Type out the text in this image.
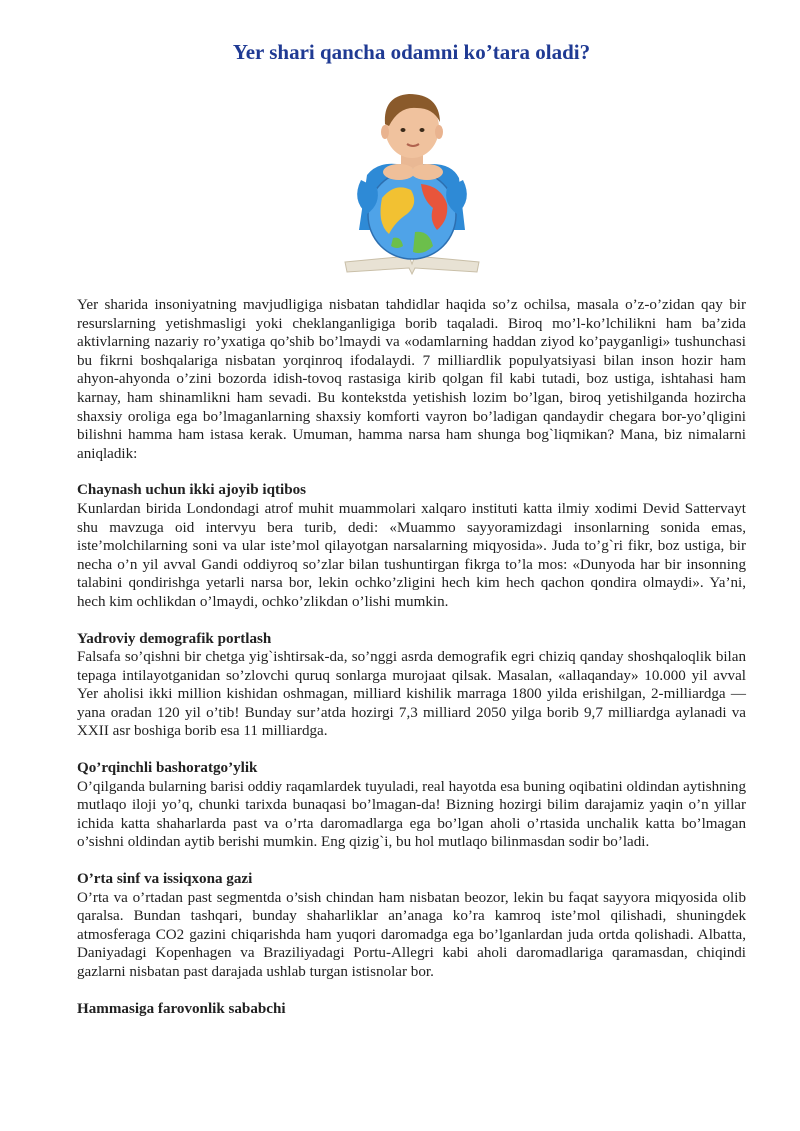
Yer shari qancha odamni ko’tara oladi?

Yer sharida insoniyatning mavjudligiga nisbatan tahdidlar haqida so’z ochilsa, masala o’z-o’zidan qay bir resurslarning yetishmasligi yoki cheklanganligiga borib taqaladi. Biroq mo’l-ko’lchilikni ham ba’zida aktivlarning nazariy ro’yxatiga qo’shib bo’lmaydi va «odamlarning haddan ziyod ko’payganligi» tushunchasi bu fikrni boshqalariga nisbatan yorqinroq ifodalaydi. 7 milliardlik populyatsiyasi bilan inson hozir ham ahyon-ahyonda o’zini bozorda idish-tovoq rastasiga kirib qolgan fil kabi tutadi, boz ustiga, ishtahasi ham karnay, ham shinamlikni ham sevadi. Bu kontekstda yetishish lozim bo’lgan, biroq yetishilganda hozircha shaxsiy oroliga ega bo’lmaganlarning shaxsiy komforti vayron bo’ladigan qandaydir chegara bor-yo’qligini bilishni hamma ham istasa kerak. Umuman, hamma narsa ham shunga bog`liqmikan? Mana, biz nimalarni aniqladik:

Chaynash uchun ikki ajoyib iqtibos

Kunlardan birida Londondagi atrof muhit muammolari xalqaro instituti katta ilmiy xodimi Devid Sattervayt shu mavzuga oid intervyu bera turib, dedi: «Muammo sayyoramizdagi insonlarning sonida emas, iste’molchilarning soni va ular iste’mol qilayotgan narsalarning miqyosida». Juda to’g`ri fikr, boz ustiga, bir necha o’n yil avval Gandi oddiyroq so’zlar bilan tushuntirgan fikrga to’la mos: «Dunyoda har bir insonning talabini qondirishga yetarli narsa bor, lekin ochko’zligini hech kim hech qachon qondira olmaydi». Ya’ni, hech kim ochlikdan o’lmaydi, ochko’zlikdan o’lishi mumkin.

Yadroviy demografik portlash

Falsafa so’qishni bir chetga yig`ishtirsak-da, so’nggi asrda demografik egri chiziq qanday shoshqaloqlik bilan tepaga intilayotganidan so’zlovchi quruq sonlarga murojaat qilsak. Masalan, «allaqanday» 10.000 yil avval Yer aholisi ikki million kishidan oshmagan, milliard kishilik marraga 1800 yilda erishilgan, 2-milliardga — yana oradan 120 yil o’tib! Bunday sur’atda hozirgi 7,3 milliard 2050 yilga borib 9,7 milliardga aylanadi va XXII asr boshiga borib esa 11 milliardga.

Qo’rqinchli bashoratgo’ylik

O’qilganda bularning barisi oddiy raqamlardek tuyuladi, real hayotda esa buning oqibatini oldindan aytishning mutlaqo iloji yo’q, chunki tarixda bunaqasi bo’lmagan-da! Bizning hozirgi bilim darajamiz yaqin o’n yillar ichida katta shaharlarda past va o’rta daromadlarga ega bo’lgan aholi o’rtasida unchalik katta bo’lmagan o’sishni oldindan aytib berishi mumkin. Eng qizig`i, bu hol mutlaqo bilinmasdan sodir bo’ladi.

O’rta sinf va issiqxona gazi

O’rta va o’rtadan past segmentda o’sish chindan ham nisbatan beozor, lekin bu faqat sayyora miqyosida olib qaralsa. Bundan tashqari, bunday shaharliklar an’anaga ko’ra kamroq iste’mol qilishadi, shuningdek atmosferaga CO2 gazini chiqarishda ham yuqori daromadga ega bo’lganlardan juda ortda qolishadi. Albatta, Daniyadagi Kopenhagen va Braziliyadagi Portu-Allegri kabi aholi daromadlariga qaramasdan, chiqindi gazlarni nisbatan past darajada ushlab turgan istisnolar bor.

Hammasiga farovonlik sababchi
